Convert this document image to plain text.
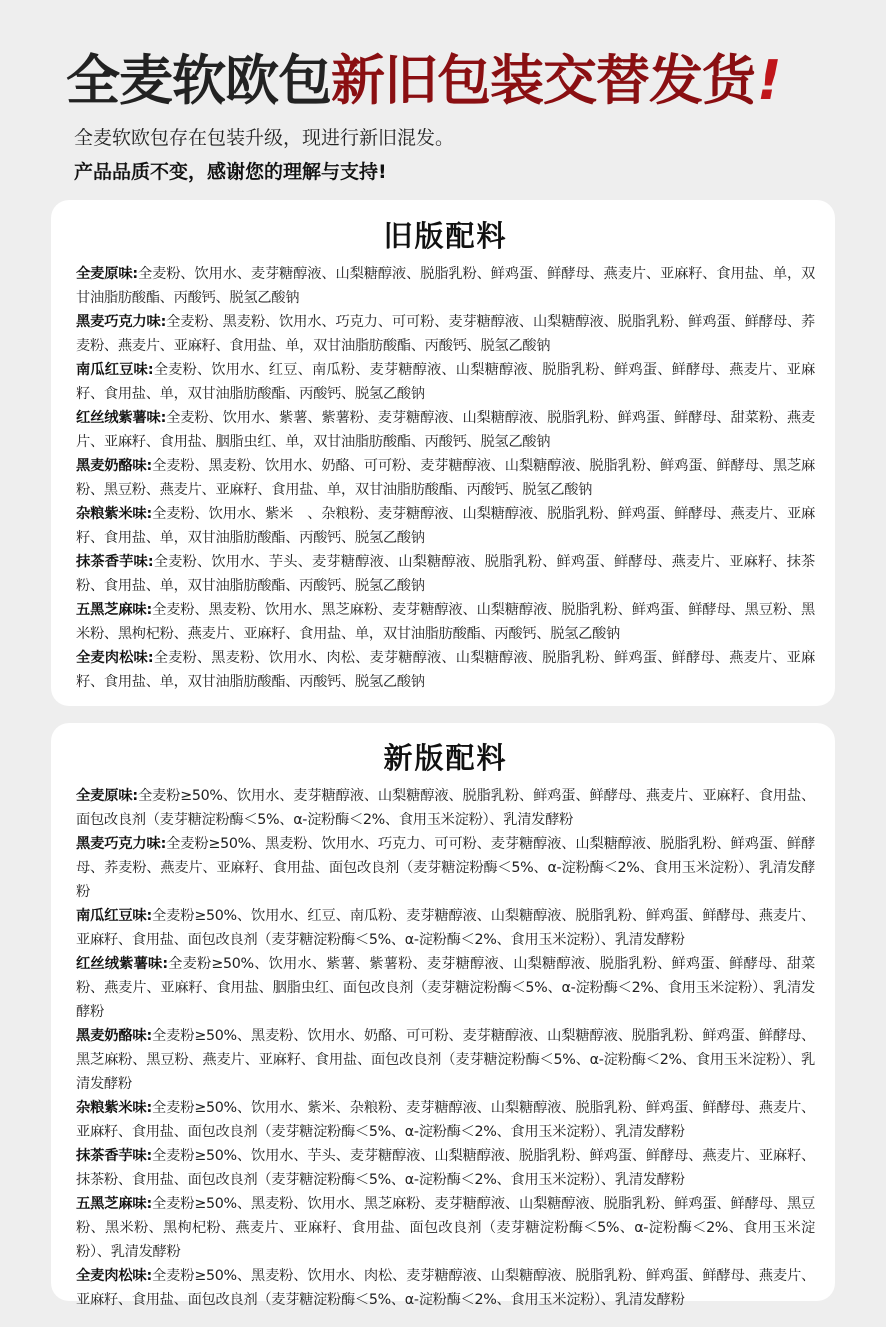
全麦软欧包新旧包装交替发货!
全麦软欧包存在包装升级，现进行新旧混发。
产品品质不变，感谢您的理解与支持!
旧版配料
全麦原味:全麦粉、饮用水、麦芽糖醇液、山梨糖醇液、脱脂乳粉、鲜鸡蛋、鲜酵母、燕麦片、亚麻籽、食用盐、单，双甘油脂肪酸酯、丙酸钙、脱氢乙酸钠
黑麦巧克力味:全麦粉、黑麦粉、饮用水、巧克力、可可粉、麦芽糖醇液、山梨糖醇液、脱脂乳粉、鲜鸡蛋、鲜酵母、荞麦粉、燕麦片、亚麻籽、食用盐、单，双甘油脂肪酸酯、丙酸钙、脱氢乙酸钠
南瓜红豆味:全麦粉、饮用水、红豆、南瓜粉、麦芽糖醇液、山梨糖醇液、脱脂乳粉、鲜鸡蛋、鲜酵母、燕麦片、亚麻籽、食用盐、单，双甘油脂肪酸酯、丙酸钙、脱氢乙酸钠
红丝绒紫薯味:全麦粉、饮用水、紫薯、紫薯粉、麦芽糖醇液、山梨糖醇液、脱脂乳粉、鲜鸡蛋、鲜酵母、甜菜粉、燕麦片、亚麻籽、食用盐、胭脂虫红、单，双甘油脂肪酸酯、丙酸钙、脱氢乙酸钠
黑麦奶酪味:全麦粉、黑麦粉、饮用水、奶酪、可可粉、麦芽糖醇液、山梨糖醇液、脱脂乳粉、鲜鸡蛋、鲜酵母、黑芝麻粉、黑豆粉、燕麦片、亚麻籽、食用盐、单，双甘油脂肪酸酯、丙酸钙、脱氢乙酸钠
杂粮紫米味:全麦粉、饮用水、紫米　、杂粮粉、麦芽糖醇液、山梨糖醇液、脱脂乳粉、鲜鸡蛋、鲜酵母、燕麦片、亚麻籽、食用盐、单，双甘油脂肪酸酯、丙酸钙、脱氢乙酸钠
抹茶香芋味:全麦粉、饮用水、芋头、麦芽糖醇液、山梨糖醇液、脱脂乳粉、鲜鸡蛋、鲜酵母、燕麦片、亚麻籽、抹茶粉、食用盐、单，双甘油脂肪酸酯、丙酸钙、脱氢乙酸钠
五黑芝麻味:全麦粉、黑麦粉、饮用水、黑芝麻粉、麦芽糖醇液、山梨糖醇液、脱脂乳粉、鲜鸡蛋、鲜酵母、黑豆粉、黑米粉、黑枸杞粉、燕麦片、亚麻籽、食用盐、单，双甘油脂肪酸酯、丙酸钙、脱氢乙酸钠
全麦肉松味:全麦粉、黑麦粉、饮用水、肉松、麦芽糖醇液、山梨糖醇液、脱脂乳粉、鲜鸡蛋、鲜酵母、燕麦片、亚麻籽、食用盐、单，双甘油脂肪酸酯、丙酸钙、脱氢乙酸钠
新版配料
全麦原味:全麦粉≥50%、饮用水、麦芽糖醇液、山梨糖醇液、脱脂乳粉、鲜鸡蛋、鲜酵母、燕麦片、亚麻籽、食用盐、面包改良剂（麦芽糖淀粉酶＜5%、α-淀粉酶＜2%、食用玉米淀粉）、乳清发酵粉
黑麦巧克力味:全麦粉≥50%、黑麦粉、饮用水、巧克力、可可粉、麦芽糖醇液、山梨糖醇液、脱脂乳粉、鲜鸡蛋、鲜酵母、荞麦粉、燕麦片、亚麻籽、食用盐、面包改良剂（麦芽糖淀粉酶＜5%、α-淀粉酶＜2%、食用玉米淀粉）、乳清发酵粉
南瓜红豆味:全麦粉≥50%、饮用水、红豆、南瓜粉、麦芽糖醇液、山梨糖醇液、脱脂乳粉、鲜鸡蛋、鲜酵母、燕麦片、亚麻籽、食用盐、面包改良剂（麦芽糖淀粉酶＜5%、α-淀粉酶＜2%、食用玉米淀粉）、乳清发酵粉
红丝绒紫薯味:全麦粉≥50%、饮用水、紫薯、紫薯粉、麦芽糖醇液、山梨糖醇液、脱脂乳粉、鲜鸡蛋、鲜酵母、甜菜粉、燕麦片、亚麻籽、食用盐、胭脂虫红、面包改良剂（麦芽糖淀粉酶＜5%、α-淀粉酶＜2%、食用玉米淀粉）、乳清发酵粉
黑麦奶酪味:全麦粉≥50%、黑麦粉、饮用水、奶酪、可可粉、麦芽糖醇液、山梨糖醇液、脱脂乳粉、鲜鸡蛋、鲜酵母、黑芝麻粉、黑豆粉、燕麦片、亚麻籽、食用盐、面包改良剂（麦芽糖淀粉酶＜5%、α-淀粉酶＜2%、食用玉米淀粉）、乳清发酵粉
杂粮紫米味:全麦粉≥50%、饮用水、紫米、杂粮粉、麦芽糖醇液、山梨糖醇液、脱脂乳粉、鲜鸡蛋、鲜酵母、燕麦片、亚麻籽、食用盐、面包改良剂（麦芽糖淀粉酶＜5%、α-淀粉酶＜2%、食用玉米淀粉）、乳清发酵粉
抹茶香芋味:全麦粉≥50%、饮用水、芋头、麦芽糖醇液、山梨糖醇液、脱脂乳粉、鲜鸡蛋、鲜酵母、燕麦片、亚麻籽、抹茶粉、食用盐、面包改良剂（麦芽糖淀粉酶＜5%、α-淀粉酶＜2%、食用玉米淀粉）、乳清发酵粉
五黑芝麻味:全麦粉≥50%、黑麦粉、饮用水、黑芝麻粉、麦芽糖醇液、山梨糖醇液、脱脂乳粉、鲜鸡蛋、鲜酵母、黑豆粉、黑米粉、黑枸杞粉、燕麦片、亚麻籽、食用盐、面包改良剂（麦芽糖淀粉酶＜5%、α-淀粉酶＜2%、食用玉米淀粉）、乳清发酵粉
全麦肉松味:全麦粉≥50%、黑麦粉、饮用水、肉松、麦芽糖醇液、山梨糖醇液、脱脂乳粉、鲜鸡蛋、鲜酵母、燕麦片、亚麻籽、食用盐、面包改良剂（麦芽糖淀粉酶＜5%、α-淀粉酶＜2%、食用玉米淀粉）、乳清发酵粉
